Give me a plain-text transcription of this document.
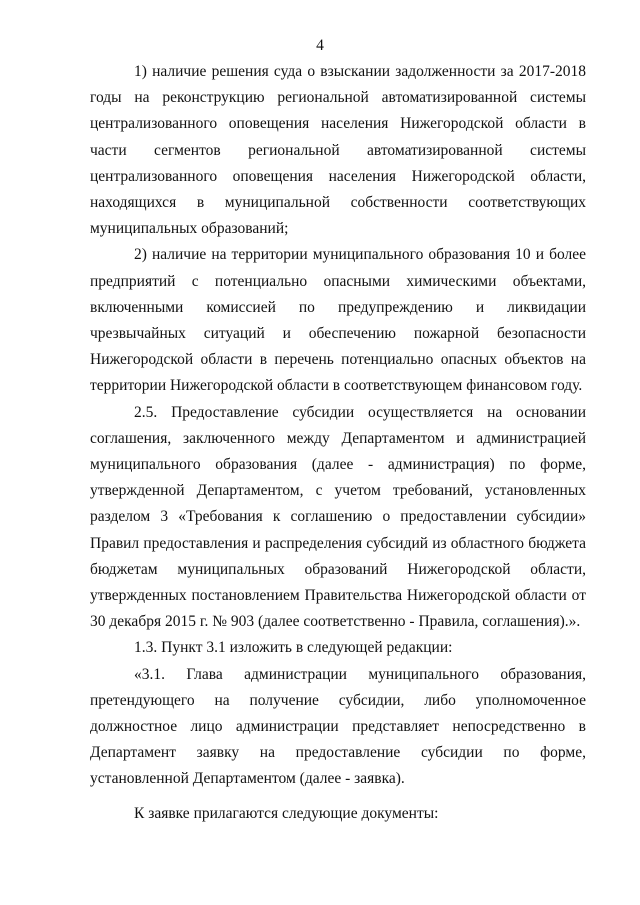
4

1) наличие решения суда о взыскании задолженности за 2017-2018 годы на реконструкцию региональной автоматизированной системы централизованного оповещения населения Нижегородской области в части сегментов региональной автоматизированной системы централизованного оповещения населения Нижегородской области, находящихся в муниципальной собственности соответствующих муниципальных образований;

2) наличие на территории муниципального образования 10 и более предприятий с потенциально опасными химическими объектами, включенными комиссией по предупреждению и ликвидации чрезвычайных ситуаций и обеспечению пожарной безопасности Нижегородской области в перечень потенциально опасных объектов на территории Нижегородской области в соответствующем финансовом году.

2.5. Предоставление субсидии осуществляется на основании соглашения, заключенного между Департаментом и администрацией муниципального образования (далее - администрация) по форме, утвержденной Департаментом, с учетом требований, установленных разделом 3 «Требования к соглашению о предоставлении субсидии» Правил предоставления и распределения субсидий из областного бюджета бюджетам муниципальных образований Нижегородской области, утвержденных постановлением Правительства Нижегородской области от 30 декабря 2015 г. № 903 (далее соответственно - Правила, соглашения).».

1.3. Пункт 3.1 изложить в следующей редакции:

«3.1. Глава администрации муниципального образования, претендующего на получение субсидии, либо уполномоченное должностное лицо администрации представляет непосредственно в Департамент заявку на предоставление субсидии по форме, установленной Департаментом (далее - заявка).

К заявке прилагаются следующие документы:
